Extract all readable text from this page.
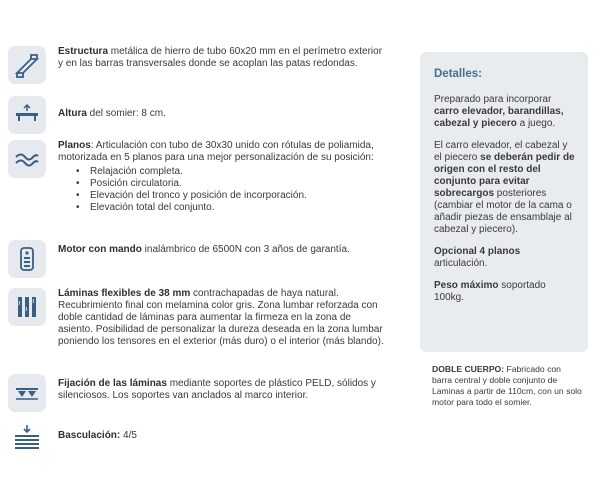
Estructura metálica de hierro de tubo 60x20 mm en el perímetro exterior y en las barras transversales donde se acoplan las patas redondas.
Altura del somier: 8 cm.
Planos: Articulación con tubo de 30x30 unido con rótulas de poliamida, motorizada en 5 planos para una mejor personalización de su posición:
• Relajación completa.
• Posición circulatoria.
• Elevación del tronco y posición de incorporación.
• Elevación total del conjunto.
Motor con mando inalámbrico de 6500N con 3 años de garantía.
Láminas flexibles de 38 mm contrachapadas de haya natural. Recubrimiento final con melamina color gris. Zona lumbar reforzada con doble cantidad de láminas para aumentar la firmeza en la zona de asiento. Posibilidad de personalizar la dureza deseada en la zona lumbar poniendo los tensores en el exterior (más duro) o el interior (más blando).
Fijación de las láminas mediante soportes de plástico PELD, sólidos y silenciosos. Los soportes van anclados al marco interior.
Basculación: 4/5
Detalles:

Preparado para incorporar carro elevador, barandillas, cabezal y piecero a juego.

El carro elevador, el cabezal y el piecero se deberán pedir de origen con el resto del conjunto para evitar sobrecargos posteriores (cambiar el motor de la cama o añadir piezas de ensamblaje al cabezal y piecero).

Opcional 4 planos
articulación.

Peso máximo soportado 100kg.

DOBLE CUERPO: Fabricado con barra central y doble conjunto de Laminas a partir de 110cm, con un solo motor para todo el somier.
